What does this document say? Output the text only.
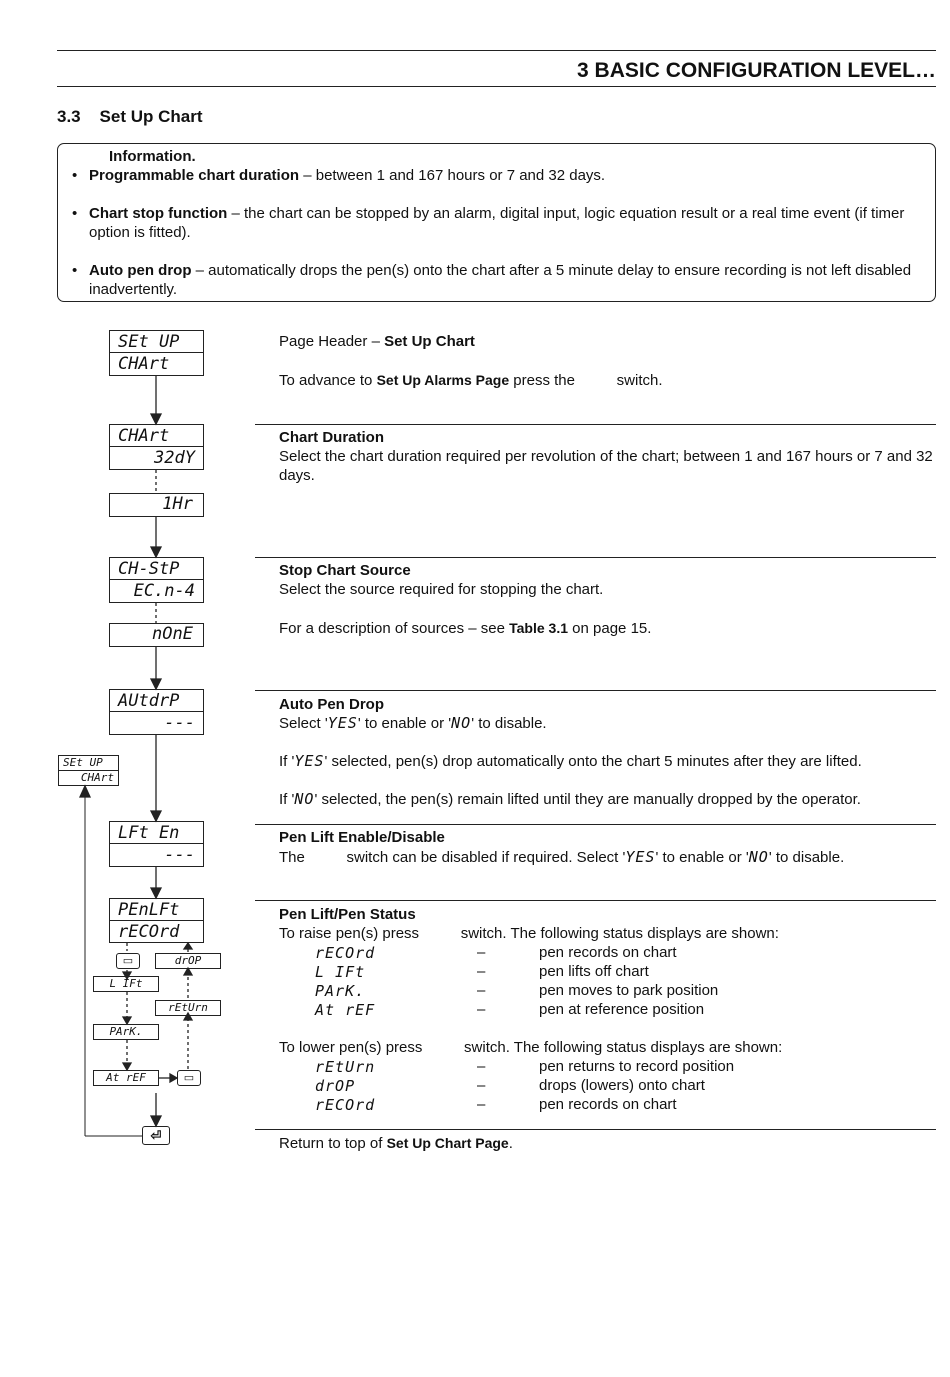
3 BASIC CONFIGURATION LEVEL…
3.3    Set Up Chart
Information.
• Programmable chart duration – between 1 and 167 hours or 7 and 32 days.
• Chart stop function – the chart can be stopped by an alarm, digital input, logic equation result or a real time event (if timer option is fitted).
• Auto pen drop – automatically drops the pen(s) onto the chart after a 5 minute delay to ensure recording is not left disabled inadvertently.
SEt UP
CHArt
CHArt
32dY
1Hr
CH-StP
EC.n-4
nOnE
AUtdrP
---
SEt UP
CHArt
LFt En
---
PEnLFt
rECOrd
▭	drOP
L IFt
rEtUrn
PArK.
At rEF	▭
⏎
Page Header – Set Up Chart
To advance to Set Up Alarms Page press the          switch.
Chart Duration
Select the chart duration required per revolution of the chart; between 1 and 167 hours or 7 and 32 days.
Stop Chart Source
Select the source required for stopping the chart.
For a description of sources – see Table 3.1 on page 15.
Auto Pen Drop
Select 'YES' to enable or 'NO' to disable.
If 'YES' selected, pen(s) drop automatically onto the chart 5 minutes after they are lifted.
If 'NO' selected, the pen(s) remain lifted until they are manually dropped by the operator.
Pen Lift Enable/Disable
The          switch can be disabled if required. Select 'YES' to enable or 'NO' to disable.
Pen Lift/Pen Status
To raise pen(s) press          switch. The following status displays are shown:
rECOrd	–	pen records on chart
L IFt	–	pen lifts off chart
PArK.	–	pen moves to park position
At rEF	–	pen at reference position
To lower pen(s) press          switch. The following status displays are shown:
rEtUrn	–	pen returns to record position
drOP	–	drops (lowers) onto chart
rECOrd	–	pen records on chart
Return to top of Set Up Chart Page.
